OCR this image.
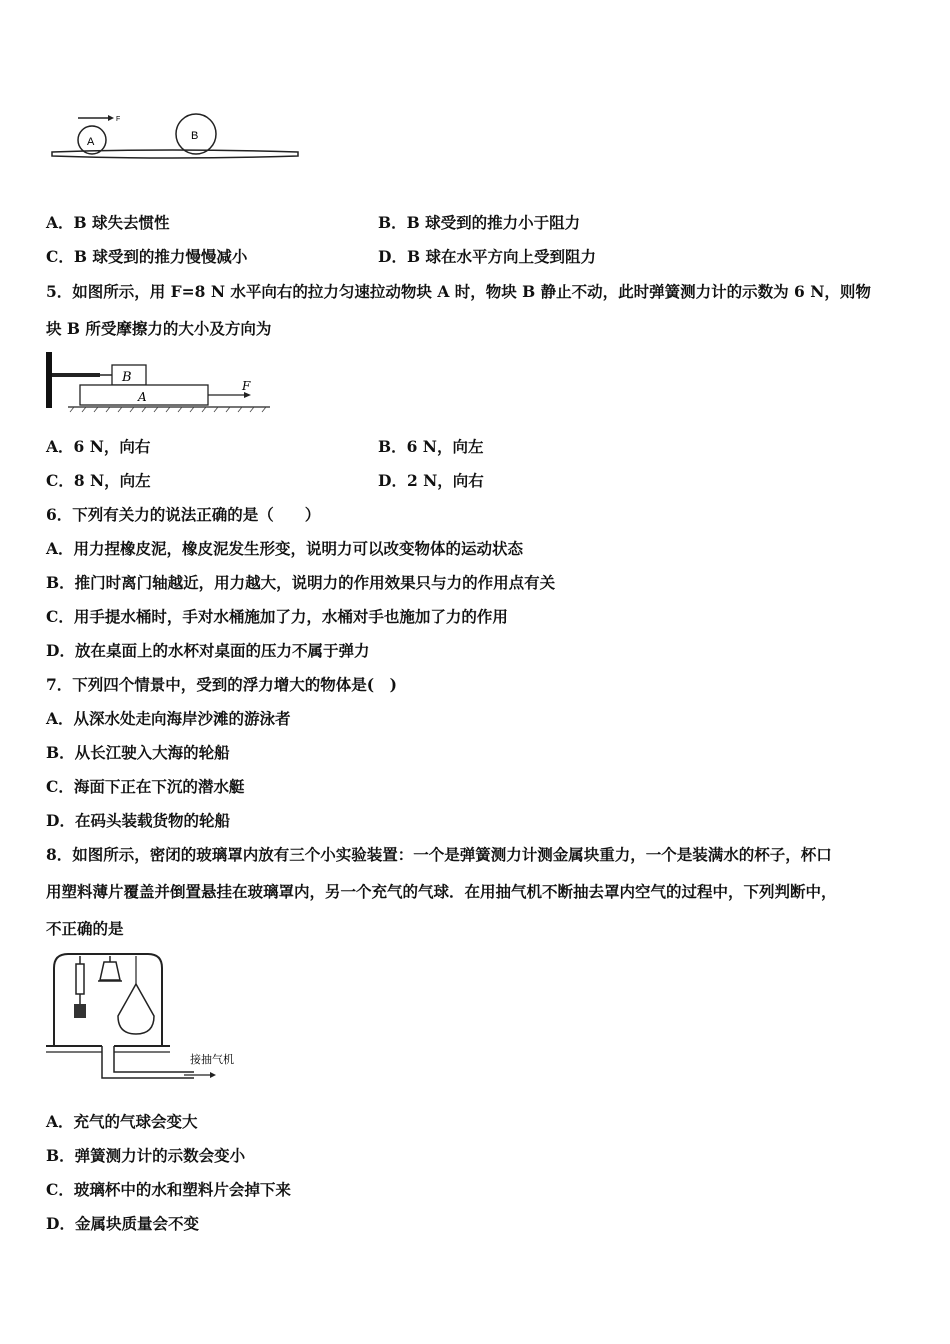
A
F
B
A．B 球失去惯性	B．B 球受到的推力小于阻力
C．B 球受到的推力慢慢减小	D．B 球在水平方向上受到阻力
5．如图所示，用 F=8 N 水平向右的拉力匀速拉动物块 A 时，物块 B 静止不动，此时弹簧测力计的示数为 6 N，则物
块 B 所受摩擦力的大小及方向为
B
A
F
A．6 N，向右	B．6 N，向左
C．8 N，向左	D．2 N，向右
6．下列有关力的说法正确的是（　　）
A．用力捏橡皮泥，橡皮泥发生形变，说明力可以改变物体的运动状态
B．推门时离门轴越近，用力越大，说明力的作用效果只与力的作用点有关
C．用手提水桶时，手对水桶施加了力，水桶对手也施加了力的作用
D．放在桌面上的水杯对桌面的压力不属于弹力
7．下列四个情景中，受到的浮力增大的物体是(　)
A．从深水处走向海岸沙滩的游泳者
B．从长江驶入大海的轮船
C．海面下正在下沉的潜水艇
D．在码头装载货物的轮船
8．如图所示，密闭的玻璃罩内放有三个小实验装置：一个是弹簧测力计测金属块重力，一个是装满水的杯子，杯口
用塑料薄片覆盖并倒置悬挂在玻璃罩内，另一个充气的气球．在用抽气机不断抽去罩内空气的过程中，下列判断中，
不正确的是
接抽气机
A．充气的气球会变大
B．弹簧测力计的示数会变小
C．玻璃杯中的水和塑料片会掉下来
D．金属块质量会不变
